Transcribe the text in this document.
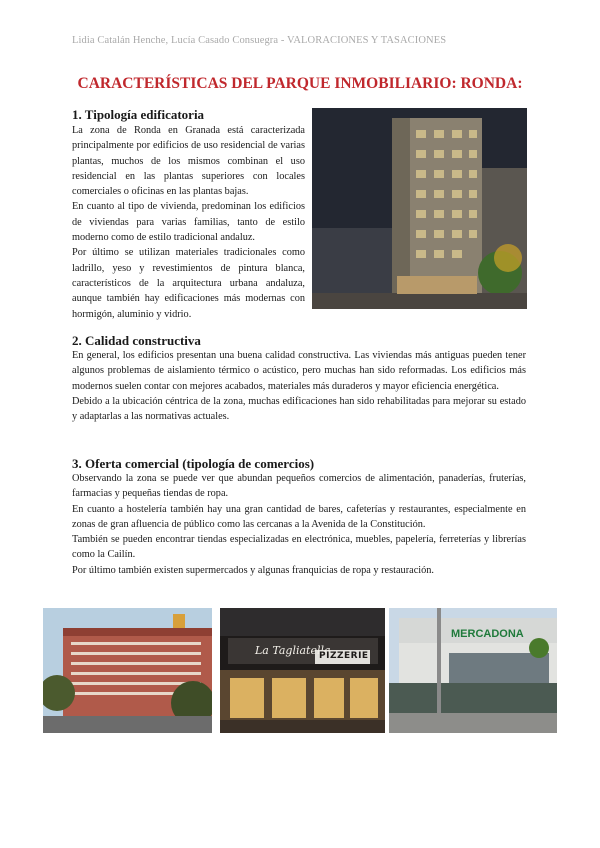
Lidia Catalán Henche, Lucía Casado Consuegra - VALORACIONES Y TASACIONES
CARACTERÍSTICAS DEL PARQUE INMOBILIARIO: RONDA:
1. Tipología edificatoria

La zona de Ronda en Granada está caracterizada principalmente por edificios de uso residencial de varias plantas, muchos de los mismos combinan el uso residencial en las plantas superiores con locales comerciales o oficinas en las plantas bajas.

En cuanto al tipo de vivienda, predominan los edificios de viviendas para varias familias, tanto de estilo moderno como de estilo tradicional andaluz.

Por último se utilizan materiales tradicionales como ladrillo, yeso y revestimientos de pintura blanca, característicos de la arquitectura urbana andaluza, aunque también hay edificaciones más modernas con hormigón, aluminio y vidrio.

2. Calidad constructiva

En general, los edificios presentan una buena calidad constructiva. Las viviendas más antiguas pueden tener algunos problemas de aislamiento térmico o acústico, pero muchas han sido reformadas. Los edificios más modernos suelen contar con mejores acabados, materiales más duraderos y mayor eficiencia energética.

Debido a la ubicación céntrica de la zona, muchas edificaciones han sido rehabilitadas para mejorar su estado y adaptarlas a las normativas actuales.

3. Oferta comercial (tipología de comercios)

Observando la zona se puede ver que abundan pequeños comercios de alimentación, panaderías, fruterías, farmacias y pequeñas tiendas de ropa.

En cuanto a hostelería también hay una gran cantidad de bares, cafeterías y restaurantes, especialmente en zonas de gran afluencia de público como las cercanas a la Avenida de la Constitución.

También se pueden encontrar tiendas especializadas en electrónica, muebles, papelería, ferreterías y librerías como la Cailín.

Por último también existen supermercados y algunas franquicias de ropa y restauración.

La Tagliatella
PIZZERIE
MERCADONA
